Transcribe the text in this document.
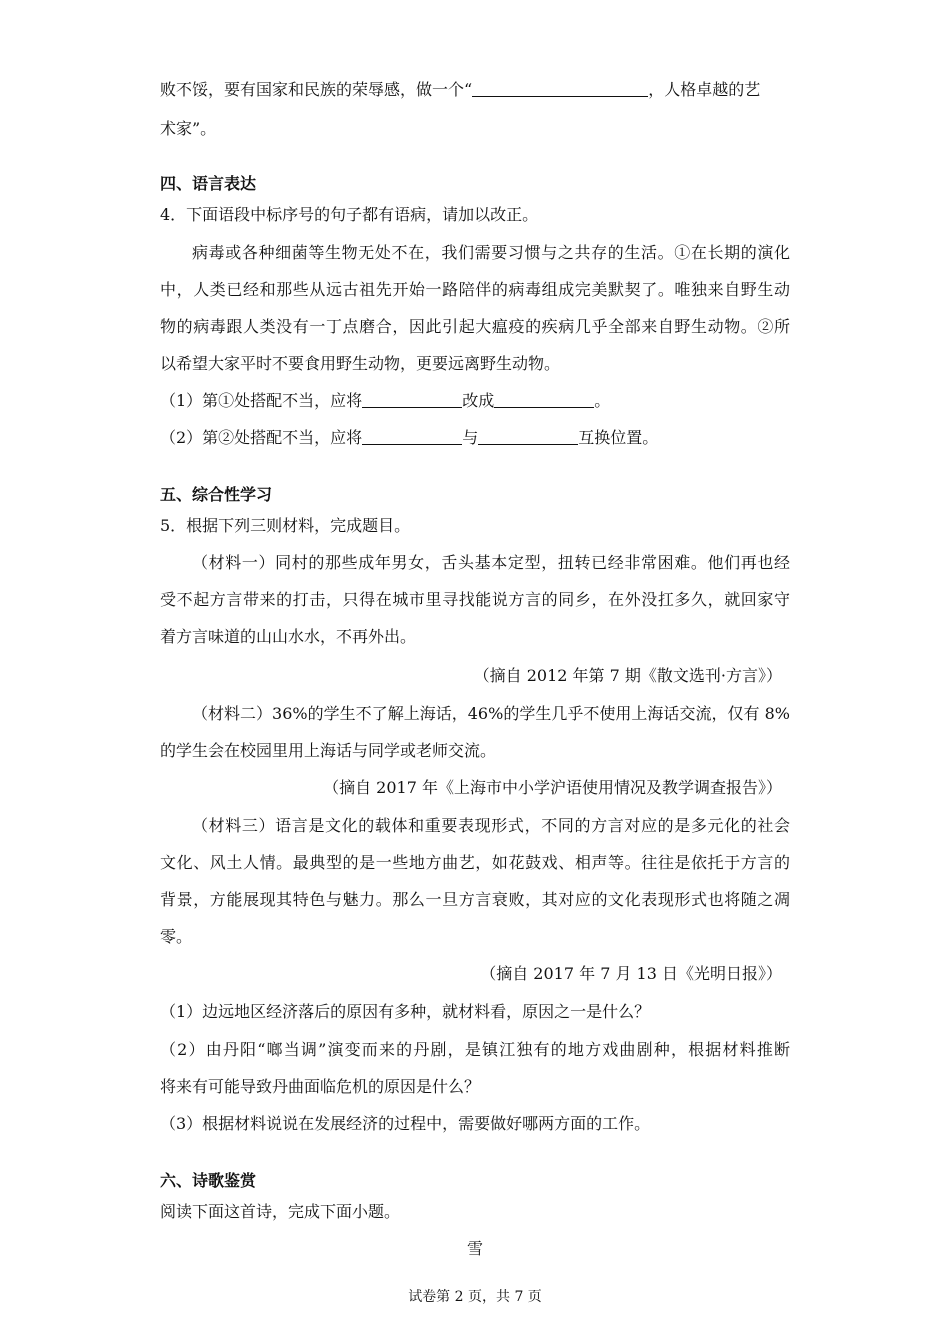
败不馁，要有国家和民族的荣辱感，做一个“	，人格卓越的艺
术家”。
四、语言表达
4．下面语段中标序号的句子都有语病，请加以改正。
病毒或各种细菌等生物无处不在，我们需要习惯与之共存的生活。①在长期的演化
中，人类已经和那些从远古祖先开始一路陪伴的病毒组成完美默契了。唯独来自野生动
物的病毒跟人类没有一丁点磨合，因此引起大瘟疫的疾病几乎全部来自野生动物。②所
以希望大家平时不要食用野生动物，更要远离野生动物。
（1）第①处搭配不当，应将	改成	。
（2）第②处搭配不当，应将	与	互换位置。
五、综合性学习
5．根据下列三则材料，完成题目。
（材料一）同村的那些成年男女，舌头基本定型，扭转已经非常困难。他们再也经
受不起方言带来的打击，只得在城市里寻找能说方言的同乡，在外没扛多久，就回家守
着方言味道的山山水水，不再外出。
（摘自 2012 年第 7 期《散文选刊·方言》）
（材料二）36%的学生不了解上海话，46%的学生几乎不使用上海话交流，仅有 8%
的学生会在校园里用上海话与同学或老师交流。
（摘自 2017 年《上海市中小学沪语使用情况及教学调查报告》）
（材料三）语言是文化的载体和重要表现形式，不同的方言对应的是多元化的社会
文化、风土人情。最典型的是一些地方曲艺，如花鼓戏、相声等。往往是依托于方言的
背景，方能展现其特色与魅力。那么一旦方言衰败，其对应的文化表现形式也将随之凋
零。
（摘自 2017 年 7 月 13 日《光明日报》）
（1）边远地区经济落后的原因有多种，就材料看，原因之一是什么？
（2）由丹阳“啷当调”演变而来的丹剧，是镇江独有的地方戏曲剧种，根据材料推断
将来有可能导致丹曲面临危机的原因是什么？
（3）根据材料说说在发展经济的过程中，需要做好哪两方面的工作。
六、诗歌鉴赏
阅读下面这首诗，完成下面小题。
雪
试卷第 2 页，共 7 页
